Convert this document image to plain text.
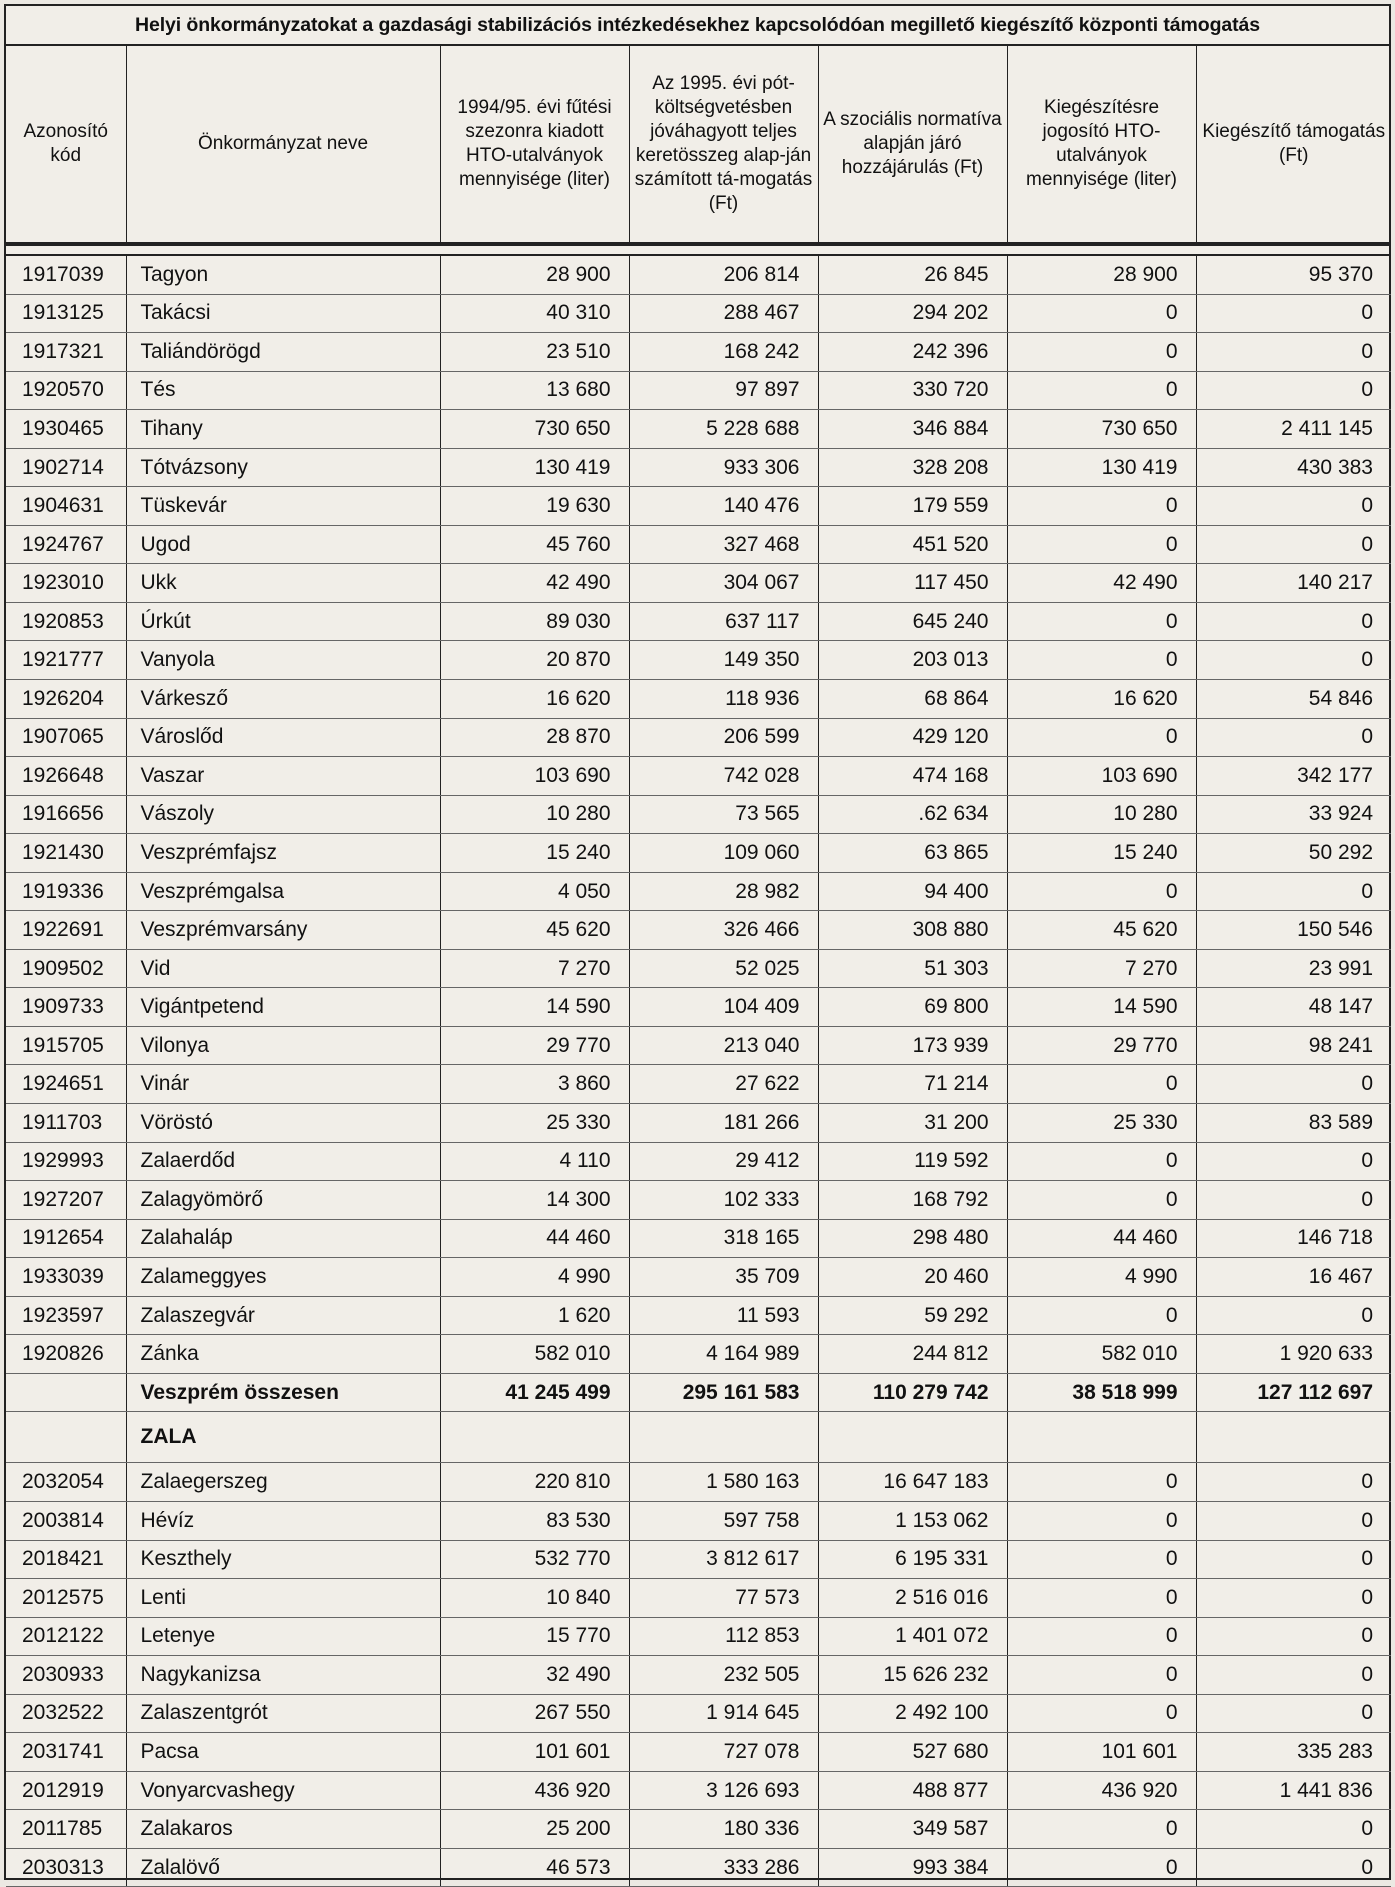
Helyi önkormányzatokat a gazdasági stabilizációs intézkedésekhez kapcsolódóan megillető kiegészítő központi támogatás
Azonosító kód	Önkormányzat neve	1994/95. évi fűtési szezonra kiadott HTO-utalványok mennyisége (liter)	Az 1995. évi pót-költségvetésben jóváhagyott teljes keretösszeg alap-ján számított tá-mogatás (Ft)	A szociális normatíva alapján járó hozzájárulás (Ft)	Kiegészítésre jogosító HTO-utalványok mennyisége (liter)	Kiegészítő támogatás (Ft)
1917039	Tagyon	28 900	206 814	26 845	28 900	95 370
1913125	Takácsi	40 310	288 467	294 202	0	0
1917321	Taliándörögd	23 510	168 242	242 396	0	0
1920570	Tés	13 680	97 897	330 720	0	0
1930465	Tihany	730 650	5 228 688	346 884	730 650	2 411 145
1902714	Tótvázsony	130 419	933 306	328 208	130 419	430 383
1904631	Tüskevár	19 630	140 476	179 559	0	0
1924767	Ugod	45 760	327 468	451 520	0	0
1923010	Ukk	42 490	304 067	117 450	42 490	140 217
1920853	Úrkút	89 030	637 117	645 240	0	0
1921777	Vanyola	20 870	149 350	203 013	0	0
1926204	Várkesző	16 620	118 936	68 864	16 620	54 846
1907065	Városlőd	28 870	206 599	429 120	0	0
1926648	Vaszar	103 690	742 028	474 168	103 690	342 177
1916656	Vászoly	10 280	73 565	.62 634	10 280	33 924
1921430	Veszprémfajsz	15 240	109 060	63 865	15 240	50 292
1919336	Veszprémgalsa	4 050	28 982	94 400	0	0
1922691	Veszprémvarsány	45 620	326 466	308 880	45 620	150 546
1909502	Vid	7 270	52 025	51 303	7 270	23 991
1909733	Vigántpetend	14 590	104 409	69 800	14 590	48 147
1915705	Vilonya	29 770	213 040	173 939	29 770	98 241
1924651	Vinár	3 860	27 622	71 214	0	0
1911703	Vöröstó	25 330	181 266	31 200	25 330	83 589
1929993	Zalaerdőd	4 110	29 412	119 592	0	0
1927207	Zalagyömörő	14 300	102 333	168 792	0	0
1912654	Zalahaláp	44 460	318 165	298 480	44 460	146 718
1933039	Zalameggyes	4 990	35 709	20 460	4 990	16 467
1923597	Zalaszegvár	1 620	11 593	59 292	0	0
1920826	Zánka	582 010	4 164 989	244 812	582 010	1 920 633
	Veszprém összesen	41 245 499	295 161 583	110 279 742	38 518 999	127 112 697
	ZALA					
2032054	Zalaegerszeg	220 810	1 580 163	16 647 183	0	0
2003814	Hévíz	83 530	597 758	1 153 062	0	0
2018421	Keszthely	532 770	3 812 617	6 195 331	0	0
2012575	Lenti	10 840	77 573	2 516 016	0	0
2012122	Letenye	15 770	112 853	1 401 072	0	0
2030933	Nagykanizsa	32 490	232 505	15 626 232	0	0
2032522	Zalaszentgrót	267 550	1 914 645	2 492 100	0	0
2031741	Pacsa	101 601	727 078	527 680	101 601	335 283
2012919	Vonyarcvashegy	436 920	3 126 693	488 877	436 920	1 441 836
2011785	Zalakaros	25 200	180 336	349 587	0	0
2030313	Zalalövő	46 573	333 286	993 384	0	0
